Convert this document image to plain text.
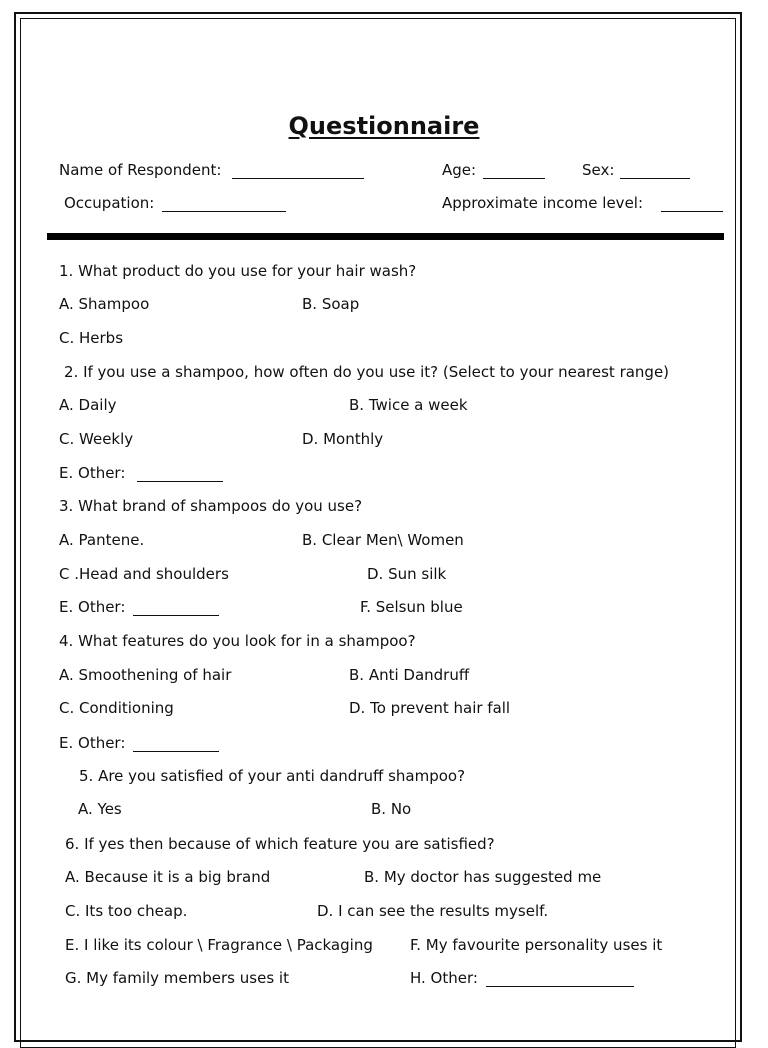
Questionnaire
Name of Respondent:	Age:	Sex:
Occupation:	Approximate income level:
1. What product do you use for your hair wash?
A. Shampoo	B. Soap
C. Herbs
2. If you use a shampoo, how often do you use it? (Select to your nearest range)
A. Daily	B. Twice a week
C. Weekly	D. Monthly
E. Other:
3. What brand of shampoos do you use?
A. Pantene.	B. Clear Men\ Women
C .Head and shoulders	D. Sun silk
E. Other:	F. Selsun blue
4. What features do you look for in a shampoo?
A. Smoothening of hair	B. Anti Dandruff
C. Conditioning	D. To prevent hair fall
E. Other:
5. Are you satisfied of your anti dandruff shampoo?
A. Yes	B. No
6. If yes then because of which feature you are satisfied?
A. Because it is a big brand	B. My doctor has suggested me
C. Its too cheap.	D. I can see the results myself.
E. I like its colour \ Fragrance \ Packaging F. My favourite personality uses it
G. My family members uses it	H. Other:
